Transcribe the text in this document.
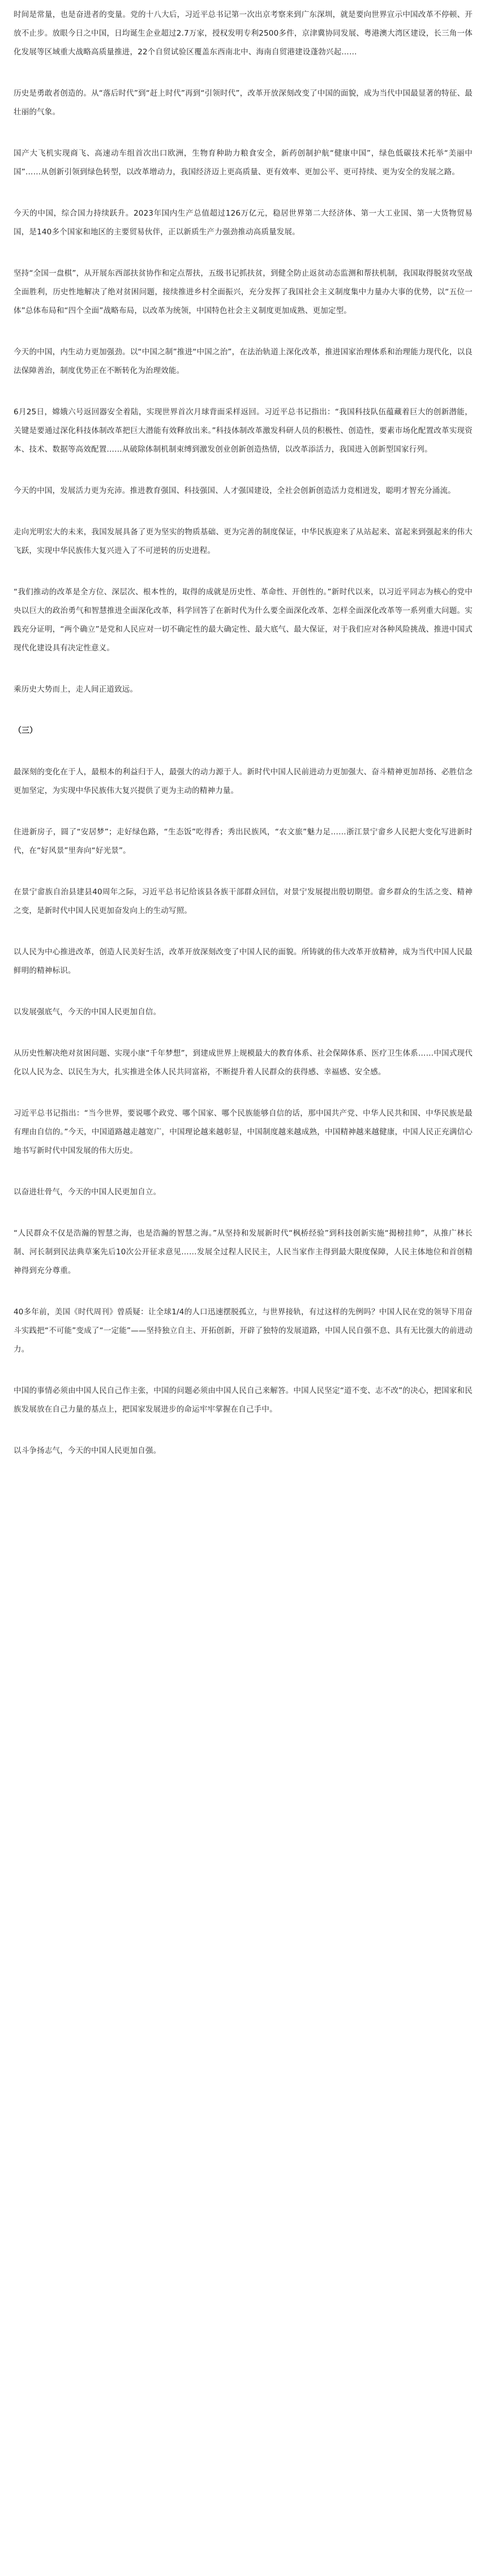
时间是常量，也是奋进者的变量。党的十八大后，习近平总书记第一次出京考察来到广东深圳，就是要向世界宣示中国改革不停顿、开放不止步。放眼今日之中国，日均诞生企业超过2.7万家，授权发明专利2500多件，京津冀协同发展、粤港澳大湾区建设，长三角一体化发展等区域重大战略高质量推进，22个自贸试验区覆盖东西南北中、海南自贸港建设蓬勃兴起……

历史是勇敢者创造的。从“落后时代”到“赶上时代”再到“引领时代”，改革开放深刻改变了中国的面貌，成为当代中国最显著的特征、最壮丽的气象。

国产大飞机实现商飞、高速动车组首次出口欧洲，生物育种助力粮食安全，新药创制护航“健康中国”，绿色低碳技术托举“美丽中国”……从创新引领到绿色转型，以改革增动力，我国经济迈上更高质量、更有效率、更加公平、更可持续、更为安全的发展之路。

今天的中国，综合国力持续跃升。2023年国内生产总值超过126万亿元，稳居世界第二大经济体、第一大工业国、第一大货物贸易国，是140多个国家和地区的主要贸易伙伴，正以新质生产力强劲推动高质量发展。

坚持“全国一盘棋”，从开展东西部扶贫协作和定点帮扶，五级书记抓扶贫，到健全防止返贫动态监测和帮扶机制，我国取得脱贫攻坚战全面胜利，历史性地解决了绝对贫困问题，接续推进乡村全面振兴，充分发挥了我国社会主义制度集中力量办大事的优势，以“五位一体”总体布局和“四个全面”战略布局，以改革为统领，中国特色社会主义制度更加成熟、更加定型。

今天的中国，内生动力更加强劲。以“中国之制”推进“中国之治”，在法治轨道上深化改革，推进国家治理体系和治理能力现代化，以良法保障善治，制度优势正在不断转化为治理效能。

6月25日，嫦娥六号返回器安全着陆，实现世界首次月球背面采样返回。习近平总书记指出：“我国科技队伍蕴藏着巨大的创新潜能，关键是要通过深化科技体制改革把巨大潜能有效释放出来。”科技体制改革激发科研人员的积极性、创造性，要素市场化配置改革实现资本、技术、数据等高效配置……从破除体制机制束缚到激发创业创新创造热情，以改革添活力，我国进入创新型国家行列。

今天的中国，发展活力更为充沛。推进教育强国、科技强国、人才强国建设，全社会创新创造活力竞相迸发，聪明才智充分涌流。

走向光明宏大的未来，我国发展具备了更为坚实的物质基础、更为完善的制度保证，中华民族迎来了从站起来、富起来到强起来的伟大飞跃，实现中华民族伟大复兴进入了不可逆转的历史进程。

“我们推动的改革是全方位、深层次、根本性的，取得的成就是历史性、革命性、开创性的。”新时代以来，以习近平同志为核心的党中央以巨大的政治勇气和智慧推进全面深化改革，科学回答了在新时代为什么要全面深化改革、怎样全面深化改革等一系列重大问题。实践充分证明，“两个确立”是党和人民应对一切不确定性的最大确定性、最大底气、最大保证，对于我们应对各种风险挑战、推进中国式现代化建设具有决定性意义。

乘历史大势而上，走人间正道致远。

（三）

最深刻的变化在于人，最根本的利益归于人，最强大的动力源于人。新时代中国人民前进动力更加强大、奋斗精神更加昂扬、必胜信念更加坚定，为实现中华民族伟大复兴提供了更为主动的精神力量。

住进新房子，圆了“安居梦”；走好绿色路，“生态饭”吃得香；秀出民族风，“农文旅”魅力足……浙江景宁畲乡人民把大变化写进新时代，在“好风景”里奔向“好光景”。

在景宁畲族自治县建县40周年之际，习近平总书记给该县各族干部群众回信，对景宁发展提出殷切期望。畲乡群众的生活之变、精神之变，是新时代中国人民更加奋发向上的生动写照。

以人民为中心推进改革，创造人民美好生活，改革开放深刻改变了中国人民的面貌。所铸就的伟大改革开放精神，成为当代中国人民最鲜明的精神标识。

以发展强底气，今天的中国人民更加自信。

从历史性解决绝对贫困问题、实现小康“千年梦想”，到建成世界上规模最大的教育体系、社会保障体系、医疗卫生体系……中国式现代化以人民为念、以民生为大，扎实推进全体人民共同富裕，不断提升着人民群众的获得感、幸福感、安全感。

习近平总书记指出：“当今世界，要说哪个政党、哪个国家、哪个民族能够自信的话，那中国共产党、中华人民共和国、中华民族是最有理由自信的。”今天，中国道路越走越宽广，中国理论越来越彰显，中国制度越来越成熟，中国精神越来越健康，中国人民正充满信心地书写新时代中国发展的伟大历史。

以奋进壮骨气，今天的中国人民更加自立。

“人民群众不仅是浩瀚的智慧之海，也是浩瀚的智慧之海。”从坚持和发展新时代“枫桥经验”到科技创新实施“揭榜挂帅”，从推广林长制、河长制到民法典草案先后10次公开征求意见……发展全过程人民民主，人民当家作主得到最大限度保障，人民主体地位和首创精神得到充分尊重。

40多年前，美国《时代周刊》曾质疑：让全球1/4的人口迅速摆脱孤立，与世界接轨，有过这样的先例吗？中国人民在党的领导下用奋斗实践把“不可能”变成了“一定能”——坚持独立自主、开拓创新，开辟了独特的发展道路，中国人民自强不息、具有无比强大的前进动力。

中国的事情必须由中国人民自己作主张，中国的问题必须由中国人民自己来解答。中国人民坚定“道不变、志不改”的决心，把国家和民族发展放在自己力量的基点上，把国家发展进步的命运牢牢掌握在自己手中。

以斗争扬志气，今天的中国人民更加自强。
